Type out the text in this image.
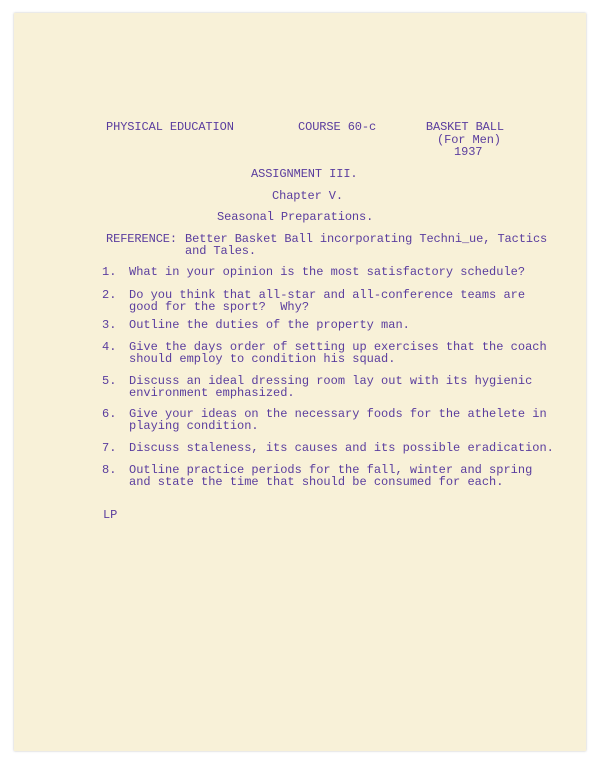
PHYSICAL EDUCATION	COURSE 60-c	BASKET BALL
(For Men)
1937
ASSIGNMENT III.
Chapter V.
Seasonal Preparations.
REFERENCE: Better Basket Ball incorporating Techni_ue, Tactics
and Tales.
1. What in your opinion is the most satisfactory schedule?
2. Do you think that all-star and all-conference teams are
good for the sport?  Why?
3. Outline the duties of the property man.
4. Give the days order of setting up exercises that the coach
should employ to condition his squad.
5. Discuss an ideal dressing room lay out with its hygienic
environment emphasized.
6. Give your ideas on the necessary foods for the athelete in
playing condition.
7. Discuss staleness, its causes and its possible eradication.
8. Outline practice periods for the fall, winter and spring
and state the time that should be consumed for each.
LP
